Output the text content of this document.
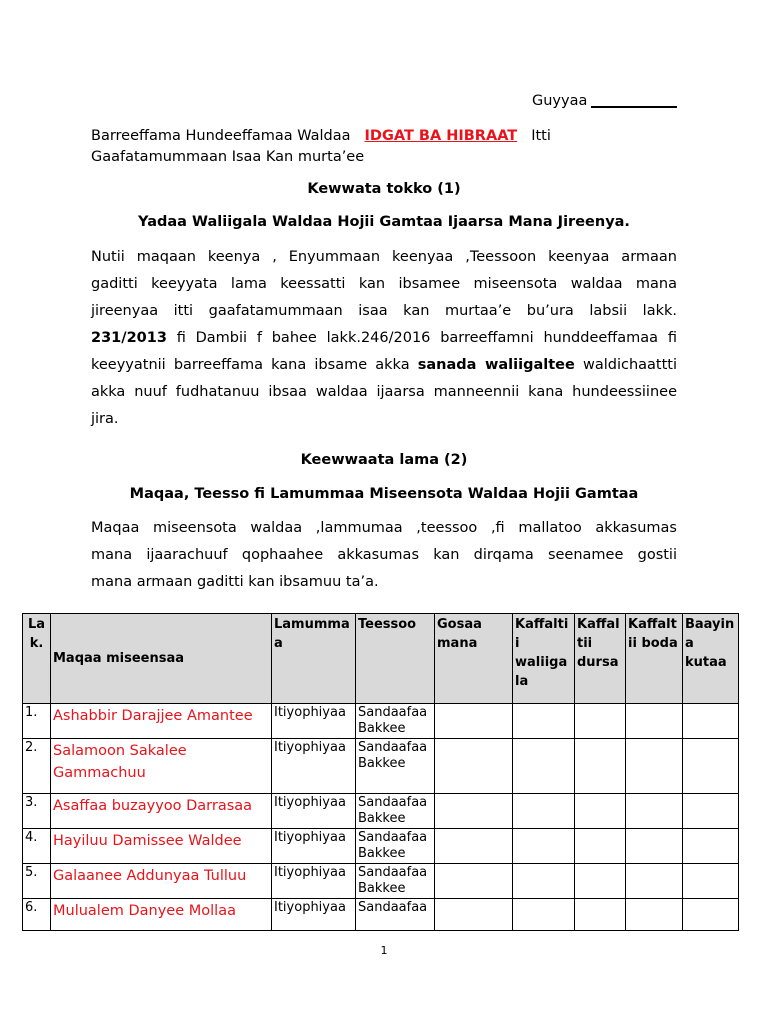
Guyyaa
Barreeffama Hundeeffamaa Waldaa IDGAT BA HIBRAAT Itti
Gaafatamummaan Isaa Kan murta’ee
Kewwata tokko (1)
Yadaa Waliigala Waldaa Hojii Gamtaa Ijaarsa Mana Jireenya.
Nutii maqaan keenya , Enyummaan keenyaa ,Teessoon keenyaa armaan
gaditti keeyyata lama keessatti kan ibsamee miseensota waldaa mana
jireenyaa itti gaafatamummaan isaa kan murtaa’e bu’ura labsii lakk.
231/2013 fi Dambii f bahee lakk.246/2016 barreeffamni hunddeeffamaa fi
keeyyatnii barreeffama kana ibsame akka sanada waliigaltee waldichaattti
akka nuuf fudhatanuu ibsaa waldaa ijaarsa manneennii kana hundeessiinee
jira.
Keewwaata lama (2)
Maqaa, Teesso fi Lamummaa Miseensota Waldaa Hojii Gamtaa
Maqaa miseensota waldaa ,lammumaa ,teessoo ,fi mallatoo akkasumas
mana ijaarachuuf qophaahee akkasumas kan dirqama seenamee gostii
mana armaan gaditti kan ibsamuu ta’a.
La k.	Maqaa miseensaa	Lamumma a	Teessoo	Gosaa mana	Kaffalti i waliiga la	Kaffal tii dursa	Kaffalt ii boda	Baayin a kutaa
1.	Ashabbir Darajjee Amantee	Itiyophiyaa	Sandaafaa Bakkee					
2.	Salamoon Sakalee Gammachuu	Itiyophiyaa	Sandaafaa Bakkee					
3.	Asaffaa buzayyoo Darrasaa	Itiyophiyaa	Sandaafaa Bakkee					
4.	Hayiluu Damissee Waldee	Itiyophiyaa	Sandaafaa Bakkee					
5.	Galaanee Addunyaa Tulluu	Itiyophiyaa	Sandaafaa Bakkee					
6.	Mulualem Danyee Mollaa	Itiyophiyaa	Sandaafaa					
1
